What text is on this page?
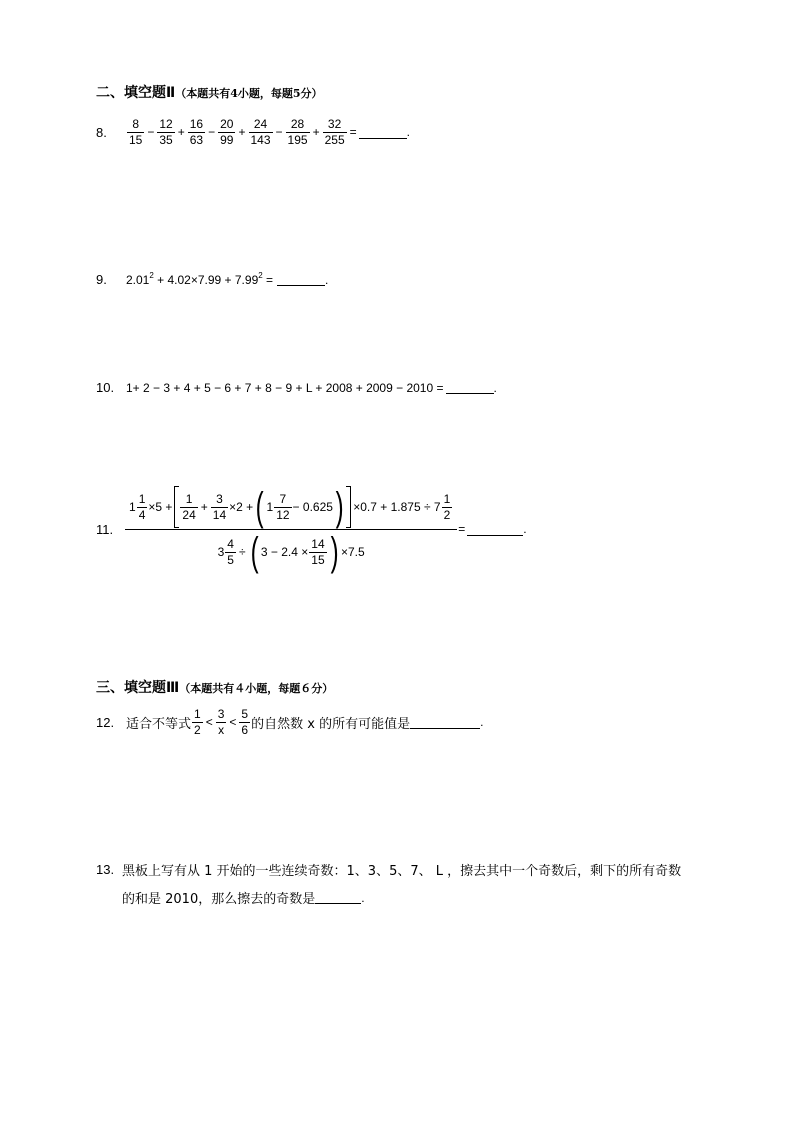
二、填空题Ⅱ（本题共有4小题，每题5分）
8.	$\frac{8}{15} - \frac{12}{35} + \frac{16}{63} - \frac{20}{99} + \frac{24}{143} - \frac{28}{195} + \frac{32}{255}$ =	.
9.	$2.01^2 + 4.02\times 7.99 + 7.99^2$ =	.
10. 1+ 2 − 3 + 4 + 5 − 6 + 7 + 8 − 9 + L + 2008 + 2009 − 2010 =	.
11.
$1 \frac{1}{4} \times 5 + \frac{1}{24} + \frac{3}{14} \times 2$ + ( $1 \frac{7}{12} - 0.625$ ) $\times 0.7 + 1.875 \div 7 \frac{1}{2}$
$3 \frac{4}{5}$ ÷ ( $3 - 2.4 \times \frac{14}{15}$ ) ×7.5
=	.
三、填空题Ⅲ（本题共有４小题，每题６分）
12. 适合不等式 $\frac{1}{2} < \frac{3}{x} < \frac{5}{6}$ 的自然数 x 的所有可能值是	.
13. 黑板上写有从 1 开始的一些连续奇数：1、3、5、7、 L ，擦去其中一个奇数后，剩下的所有奇数
的和是 2010，那么擦去的奇数是	.
